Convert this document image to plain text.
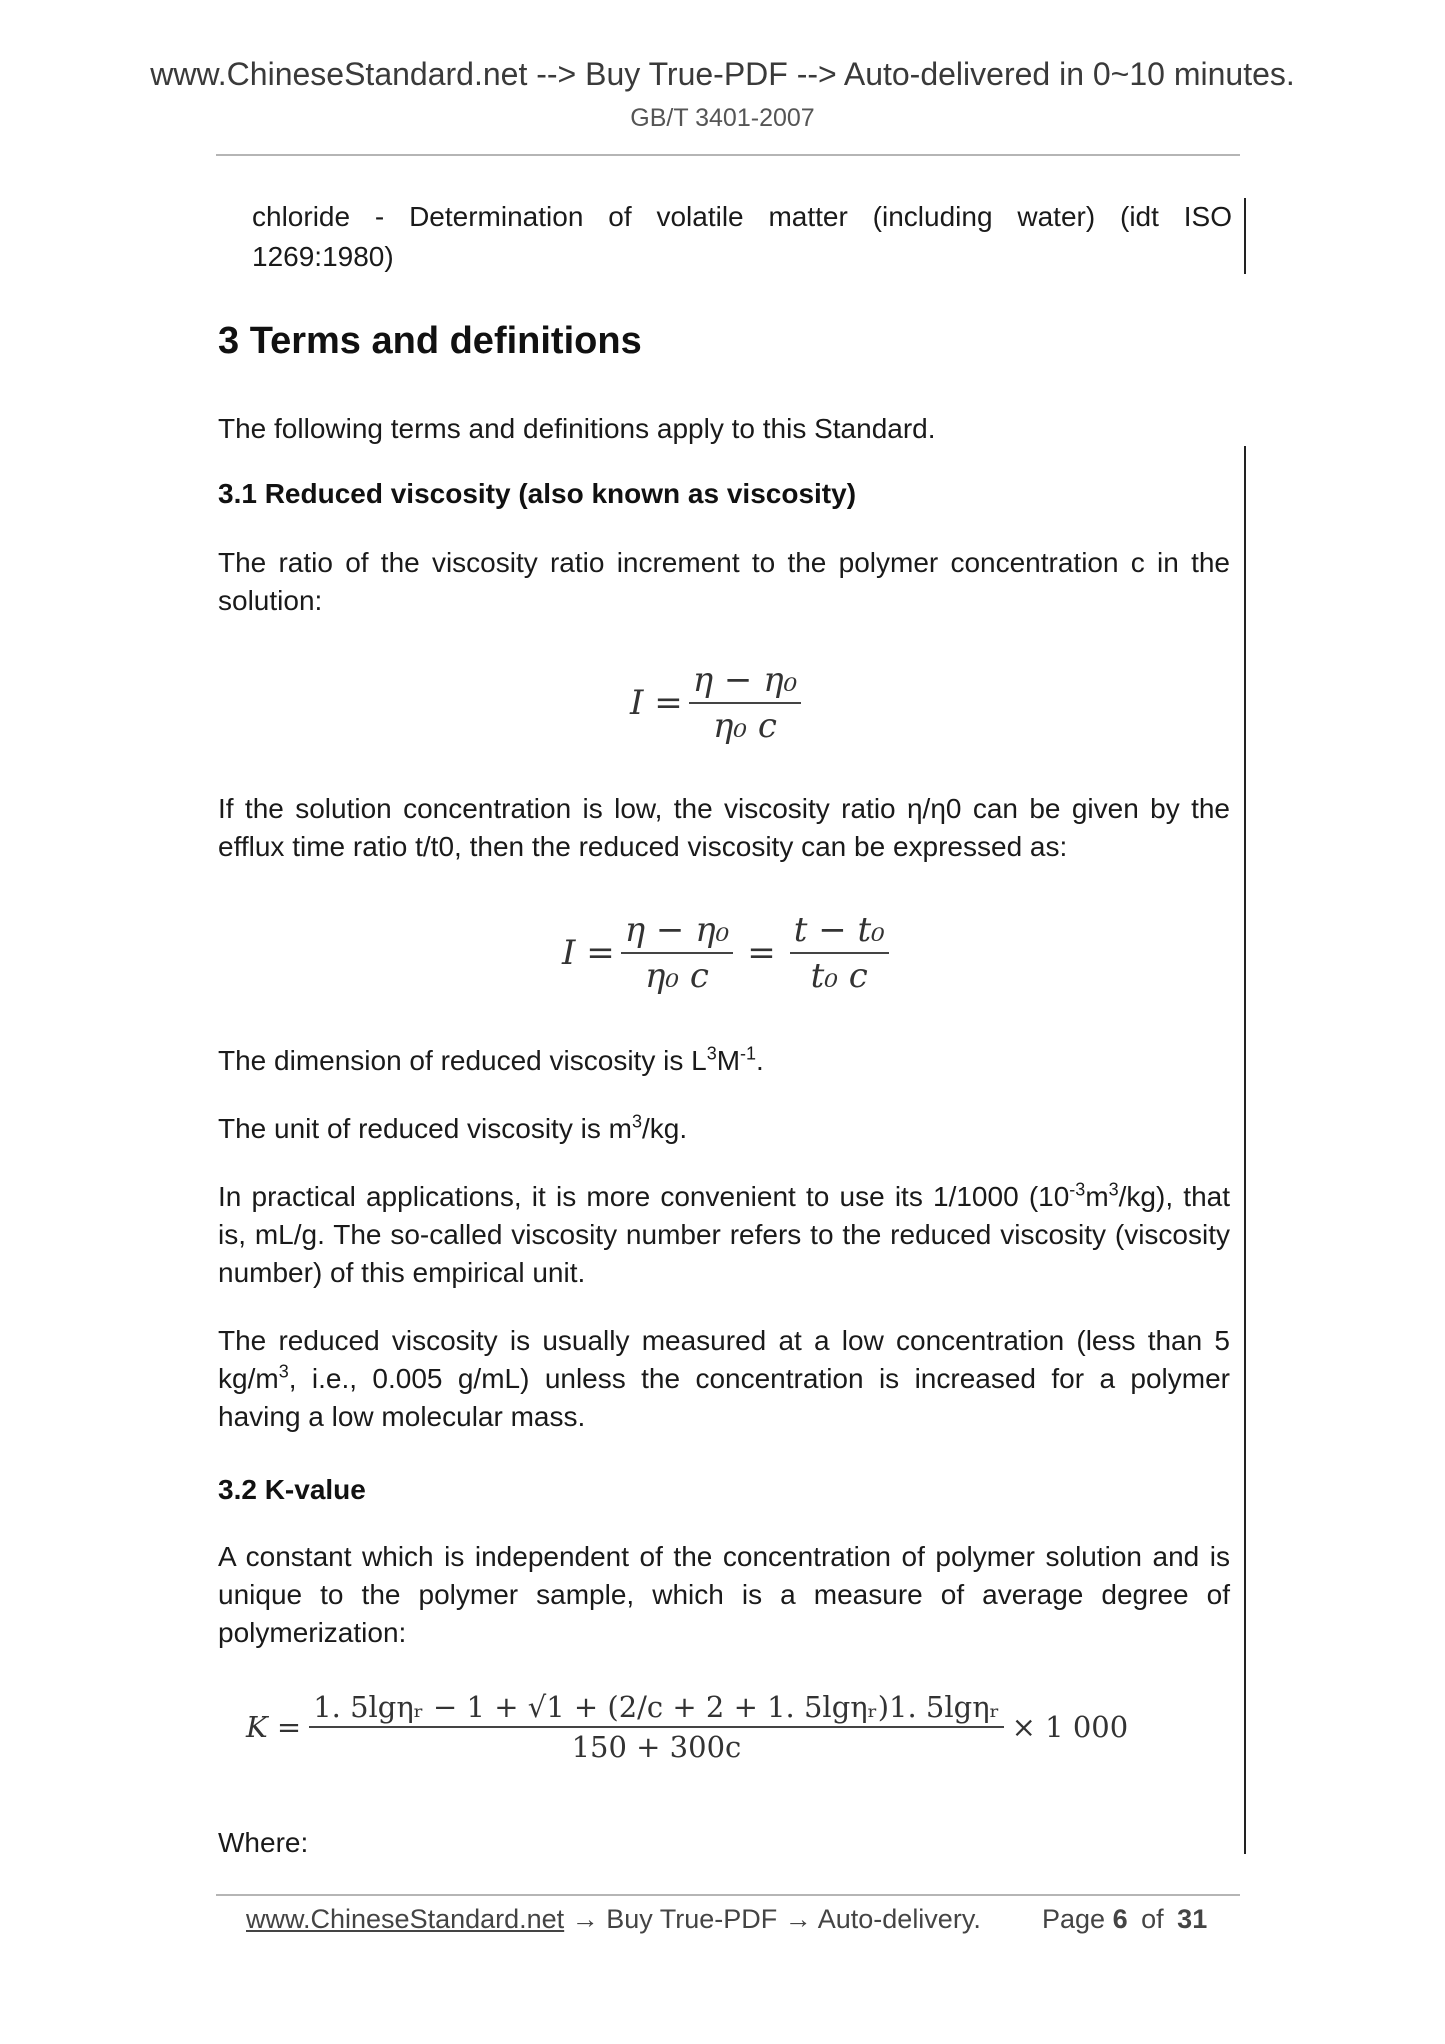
www.ChineseStandard.net --> Buy True-PDF --> Auto-delivered in 0~10 minutes.
GB/T 3401-2007
chloride - Determination of volatile matter (including water) (idt ISO
1269:1980)
3 Terms and definitions
The following terms and definitions apply to this Standard.
3.1 Reduced viscosity (also known as viscosity)
The ratio of the viscosity ratio increment to the polymer concentration c in the solution:
$I = \frac{\text{η − η₀}}{\text{η₀ c}}$
If the solution concentration is low, the viscosity ratio η/η0 can be given by the efflux time ratio t/t0, then the reduced viscosity can be expressed as:
$I = \frac{\text{η − η₀}}{\text{η₀ c}} = \frac{\text{t − t₀}}{\text{t₀ c}}$
The dimension of reduced viscosity is $L^3M^{-1}$.
The unit of reduced viscosity is $m^3/kg$.
In practical applications, it is more convenient to use its 1/1000 $(10^{-3}m^3/kg)$, that is, mL/g. The so-called viscosity number refers to the reduced viscosity (viscosity number) of this empirical unit.
The reduced viscosity is usually measured at a low concentration (less than 5 $kg/m^3$, i.e., 0.005 g/mL) unless the concentration is increased for a polymer having a low molecular mass.
3.2 K-value
A constant which is independent of the concentration of polymer solution and is unique to the polymer sample, which is a measure of average degree of polymerization:
$K = \frac{\text{1. 5lgηᵣ − 1 + √1 + (2/c + 2 + 1. 5lgηᵣ)1. 5lgηᵣ}}{150 + 300c} \times 1$ 000
Where:
www.ChineseStandard.net → Buy True-PDF → Auto-delivery. Page 6 of 31
